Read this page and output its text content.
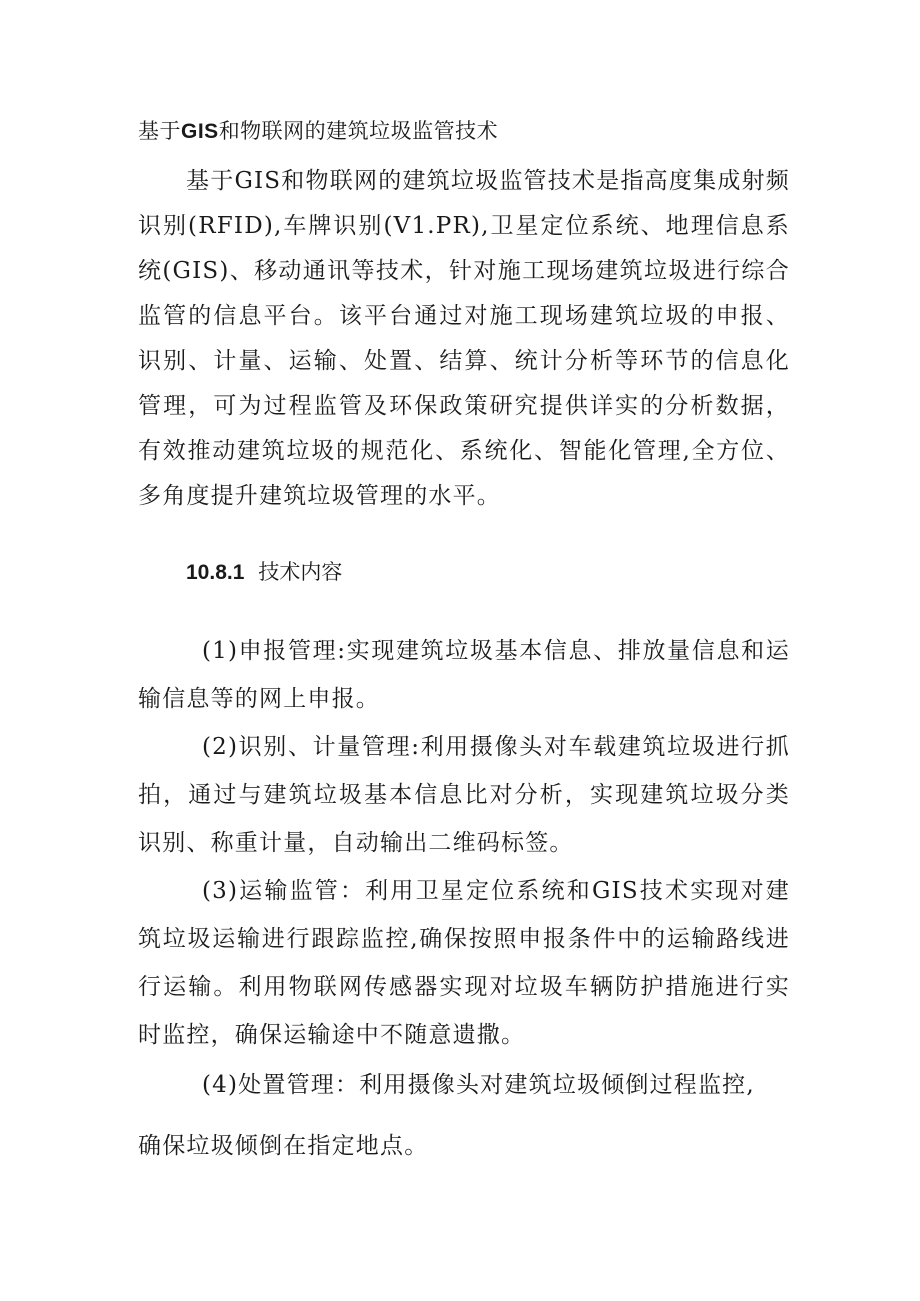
基于GIS和物联网的建筑垃圾监管技术

基于GIS和物联网的建筑垃圾监管技术是指高度集成射频识别(RFID),车牌识别(V1.PR),卫星定位系统、地理信息系统(GIS)、移动通讯等技术，针对施工现场建筑垃圾进行综合监管的信息平台。该平台通过对施工现场建筑垃圾的申报、识别、计量、运输、处置、结算、统计分析等环节的信息化管理，可为过程监管及环保政策研究提供详实的分析数据，有效推动建筑垃圾的规范化、系统化、智能化管理,全方位、多角度提升建筑垃圾管理的水平。

10.8.1 技术内容

(1)申报管理:实现建筑垃圾基本信息、排放量信息和运输信息等的网上申报。

(2)识别、计量管理:利用摄像头对车载建筑垃圾进行抓拍，通过与建筑垃圾基本信息比对分析，实现建筑垃圾分类识别、称重计量，自动输出二维码标签。

(3)运输监管：利用卫星定位系统和GIS技术实现对建筑垃圾运输进行跟踪监控,确保按照申报条件中的运输路线进行运输。利用物联网传感器实现对垃圾车辆防护措施进行实时监控，确保运输途中不随意遗撒。

(4)处置管理：利用摄像头对建筑垃圾倾倒过程监控,
确保垃圾倾倒在指定地点。
